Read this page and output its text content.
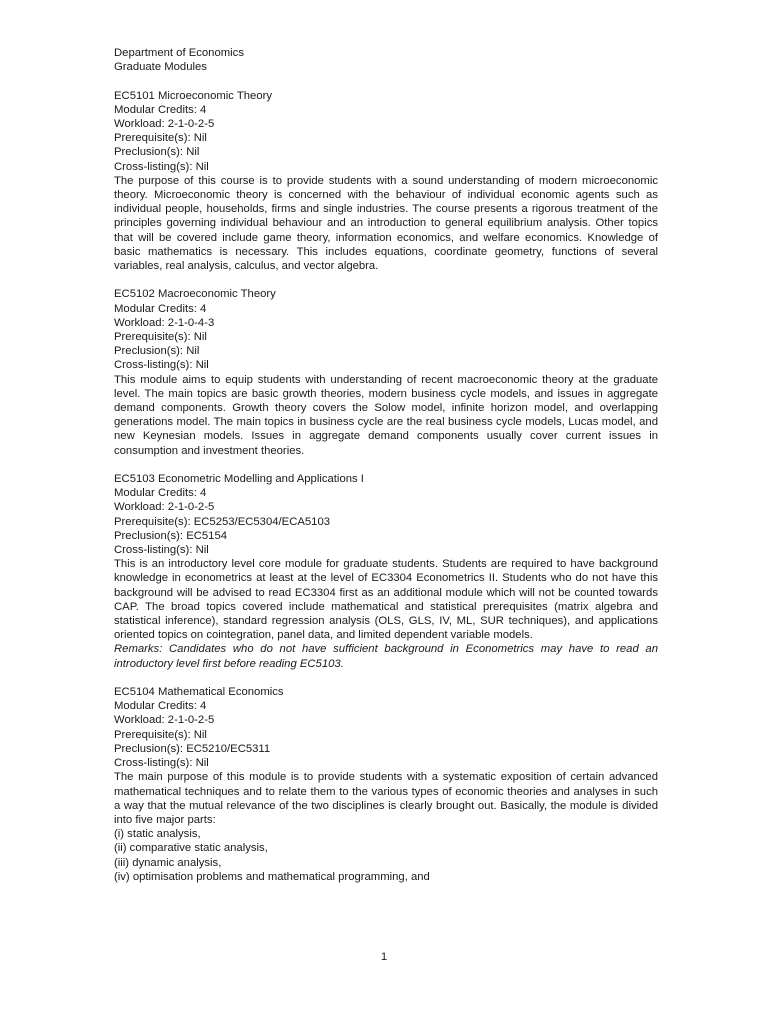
Department of Economics
Graduate Modules
EC5101 Microeconomic Theory
Modular Credits: 4
Workload: 2-1-0-2-5
Prerequisite(s): Nil
Preclusion(s): Nil
Cross-listing(s): Nil
The purpose of this course is to provide students with a sound understanding of modern microeconomic theory. Microeconomic theory is concerned with the behaviour of individual economic agents such as individual people, households, firms and single industries. The course presents a rigorous treatment of the principles governing individual behaviour and an introduction to general equilibrium analysis. Other topics that will be covered include game theory, information economics, and welfare economics. Knowledge of basic mathematics is necessary. This includes equations, coordinate geometry, functions of several variables, real analysis, calculus, and vector algebra.
EC5102 Macroeconomic Theory
Modular Credits: 4
Workload: 2-1-0-4-3
Prerequisite(s): Nil
Preclusion(s): Nil
Cross-listing(s): Nil
This module aims to equip students with understanding of recent macroeconomic theory at the graduate level. The main topics are basic growth theories, modern business cycle models, and issues in aggregate demand components. Growth theory covers the Solow model, infinite horizon model, and overlapping generations model. The main topics in business cycle are the real business cycle models, Lucas model, and new Keynesian models. Issues in aggregate demand components usually cover current issues in consumption and investment theories.
EC5103 Econometric Modelling and Applications I
Modular Credits: 4
Workload: 2-1-0-2-5
Prerequisite(s): EC5253/EC5304/ECA5103
Preclusion(s): EC5154
Cross-listing(s): Nil
This is an introductory level core module for graduate students. Students are required to have background knowledge in econometrics at least at the level of EC3304 Econometrics II. Students who do not have this background will be advised to read EC3304 first as an additional module which will not be counted towards CAP. The broad topics covered include mathematical and statistical prerequisites (matrix algebra and statistical inference), standard regression analysis (OLS, GLS, IV, ML, SUR techniques), and applications oriented topics on cointegration, panel data, and limited dependent variable models.
Remarks: Candidates who do not have sufficient background in Econometrics may have to read an introductory level first before reading EC5103.
EC5104 Mathematical Economics
Modular Credits: 4
Workload: 2-1-0-2-5
Prerequisite(s): Nil
Preclusion(s): EC5210/EC5311
Cross-listing(s): Nil
The main purpose of this module is to provide students with a systematic exposition of certain advanced mathematical techniques and to relate them to the various types of economic theories and analyses in such a way that the mutual relevance of the two disciplines is clearly brought out. Basically, the module is divided into five major parts:
(i) static analysis,
(ii) comparative static analysis,
(iii) dynamic analysis,
(iv) optimisation problems and mathematical programming, and
1
